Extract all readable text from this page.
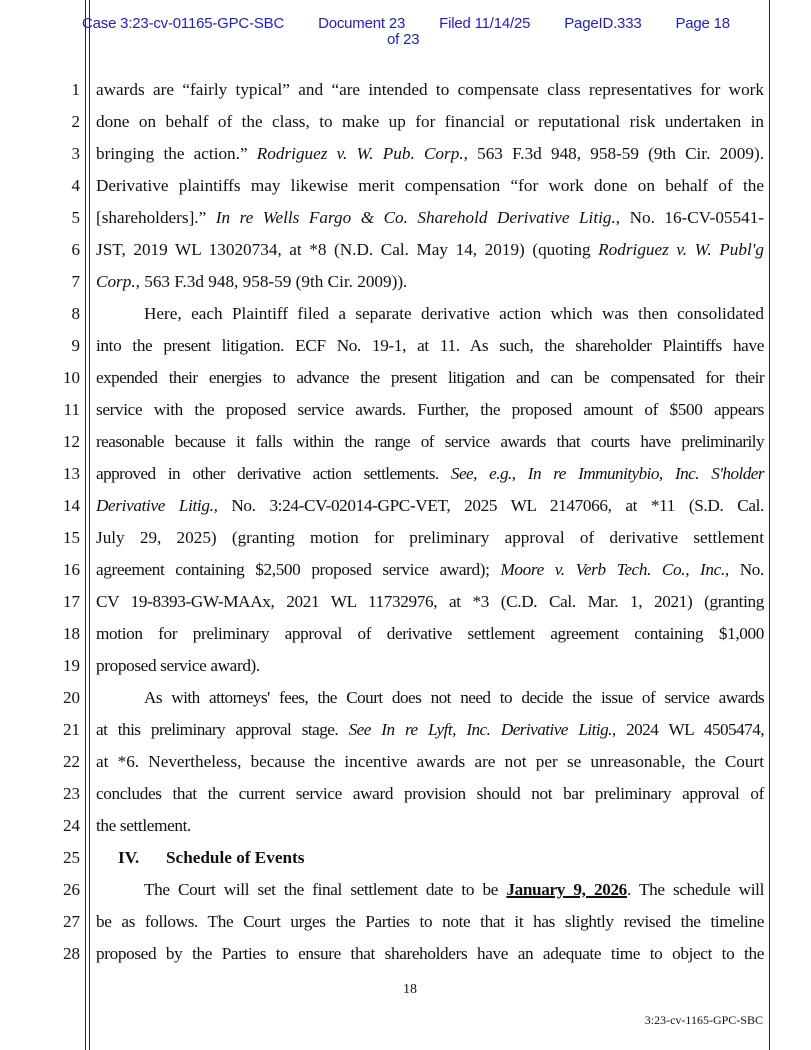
Case 3:23-cv-01165-GPC-SBC Document 23 Filed 11/14/25 PageID.333 Page 18
of 23
1
2
3
4
5
6
7
8
9
10
11
12
13
14
15
16
17
18
19
20
21
22
23
24
25
26
27
28
awards are “fairly typical” and “are intended to compensate class representatives for work
done on behalf of the class, to make up for financial or reputational risk undertaken in
bringing the action.” Rodriguez v. W. Pub. Corp., 563 F.3d 948, 958-59 (9th Cir. 2009).
Derivative plaintiffs may likewise merit compensation “for work done on behalf of the
[shareholders].” In re Wells Fargo & Co. Sharehold Derivative Litig., No. 16-CV-05541-
JST, 2019 WL 13020734, at *8 (N.D. Cal. May 14, 2019) (quoting Rodriguez v. W. Publ'g
Corp., 563 F.3d 948, 958-59 (9th Cir. 2009)).
Here, each Plaintiff filed a separate derivative action which was then consolidated
into the present litigation. ECF No. 19-1, at 11. As such, the shareholder Plaintiffs have
expended their energies to advance the present litigation and can be compensated for their
service with the proposed service awards. Further, the proposed amount of $500 appears
reasonable because it falls within the range of service awards that courts have preliminarily
approved in other derivative action settlements. See, e.g., In re Immunitybio, Inc. S'holder
Derivative Litig., No. 3:24-CV-02014-GPC-VET, 2025 WL 2147066, at *11 (S.D. Cal.
July 29, 2025) (granting motion for preliminary approval of derivative settlement
agreement containing $2,500 proposed service award); Moore v. Verb Tech. Co., Inc., No.
CV 19-8393-GW-MAAx, 2021 WL 11732976, at *3 (C.D. Cal. Mar. 1, 2021) (granting
motion for preliminary approval of derivative settlement agreement containing $1,000
proposed service award).
As with attorneys' fees, the Court does not need to decide the issue of service awards
at this preliminary approval stage. See In re Lyft, Inc. Derivative Litig., 2024 WL 4505474,
at *6. Nevertheless, because the incentive awards are not per se unreasonable, the Court
concludes that the current service award provision should not bar preliminary approval of
the settlement.
IV. Schedule of Events
The Court will set the final settlement date to be January 9, 2026. The schedule will
be as follows. The Court urges the Parties to note that it has slightly revised the timeline
proposed by the Parties to ensure that shareholders have an adequate time to object to the
18
3:23-cv-1165-GPC-SBC
